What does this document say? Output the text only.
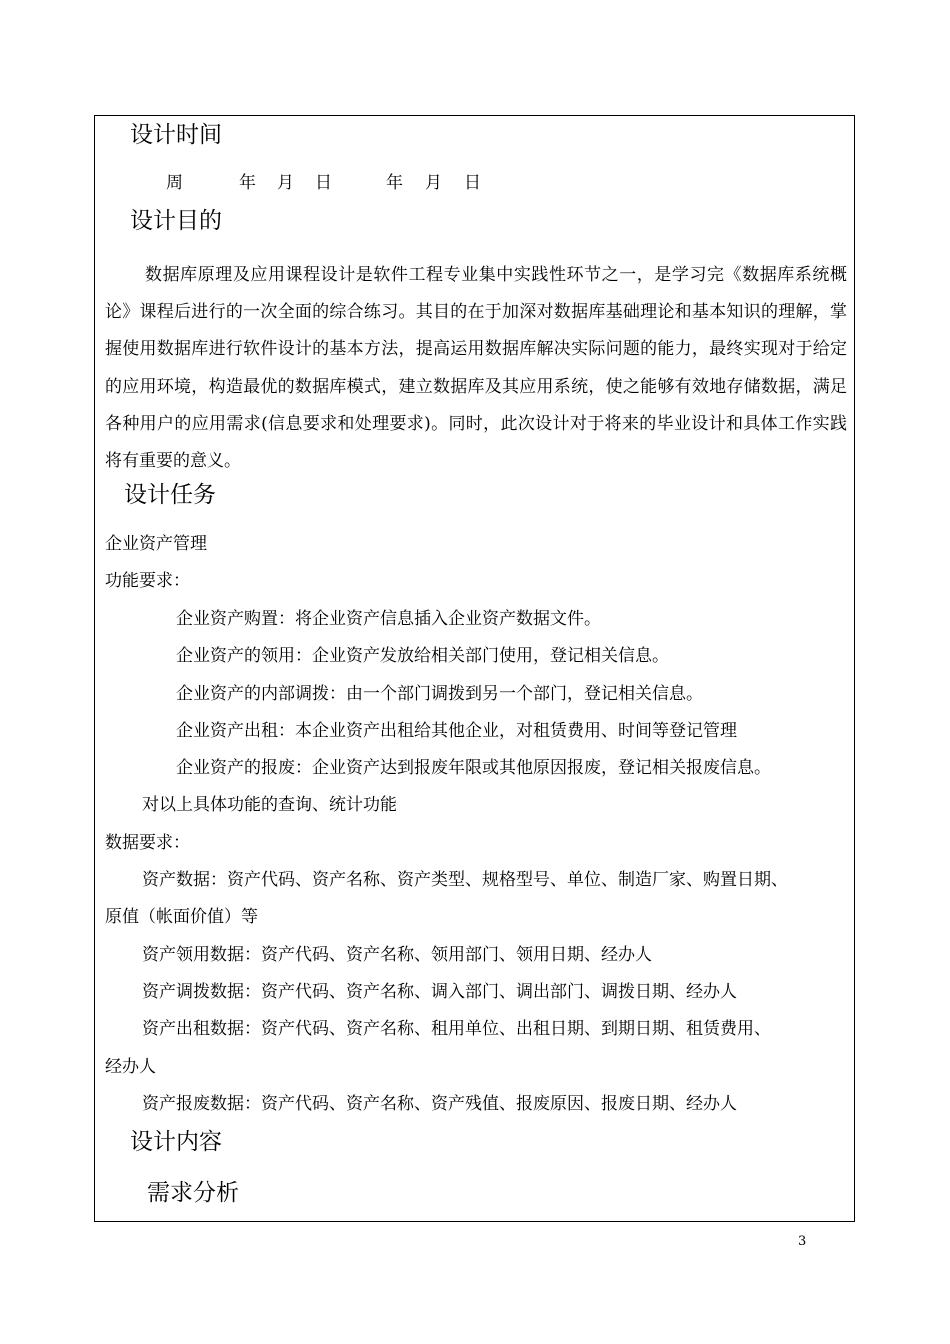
设计时间
周	年 月 日	年 月 日
设计目的
数据库原理及应用课程设计是软件工程专业集中实践性环节之一，是学习完《数据库系统概论》课程后进行的一次全面的综合练习。其目的在于加深对数据库基础理论和基本知识的理解，掌握使用数据库进行软件设计的基本方法，提高运用数据库解决实际问题的能力，最终实现对于给定的应用环境，构造最优的数据库模式，建立数据库及其应用系统，使之能够有效地存储数据，满足各种用户的应用需求(信息要求和处理要求)。同时，此次设计对于将来的毕业设计和具体工作实践将有重要的意义。
设计任务
企业资产管理
功能要求：
企业资产购置：将企业资产信息插入企业资产数据文件。
企业资产的领用：企业资产发放给相关部门使用，登记相关信息。
企业资产的内部调拨：由一个部门调拨到另一个部门，登记相关信息。
企业资产出租：本企业资产出租给其他企业，对租赁费用、时间等登记管理
企业资产的报废：企业资产达到报废年限或其他原因报废，登记相关报废信息。
对以上具体功能的查询、统计功能
数据要求：
资产数据：资产代码、资产名称、资产类型、规格型号、单位、制造厂家、购置日期、
原值（帐面价值）等
资产领用数据：资产代码、资产名称、领用部门、领用日期、经办人
资产调拨数据：资产代码、资产名称、调入部门、调出部门、调拨日期、经办人
资产出租数据：资产代码、资产名称、租用单位、出租日期、到期日期、租赁费用、
经办人
资产报废数据：资产代码、资产名称、资产残值、报废原因、报废日期、经办人
设计内容
需求分析
3
